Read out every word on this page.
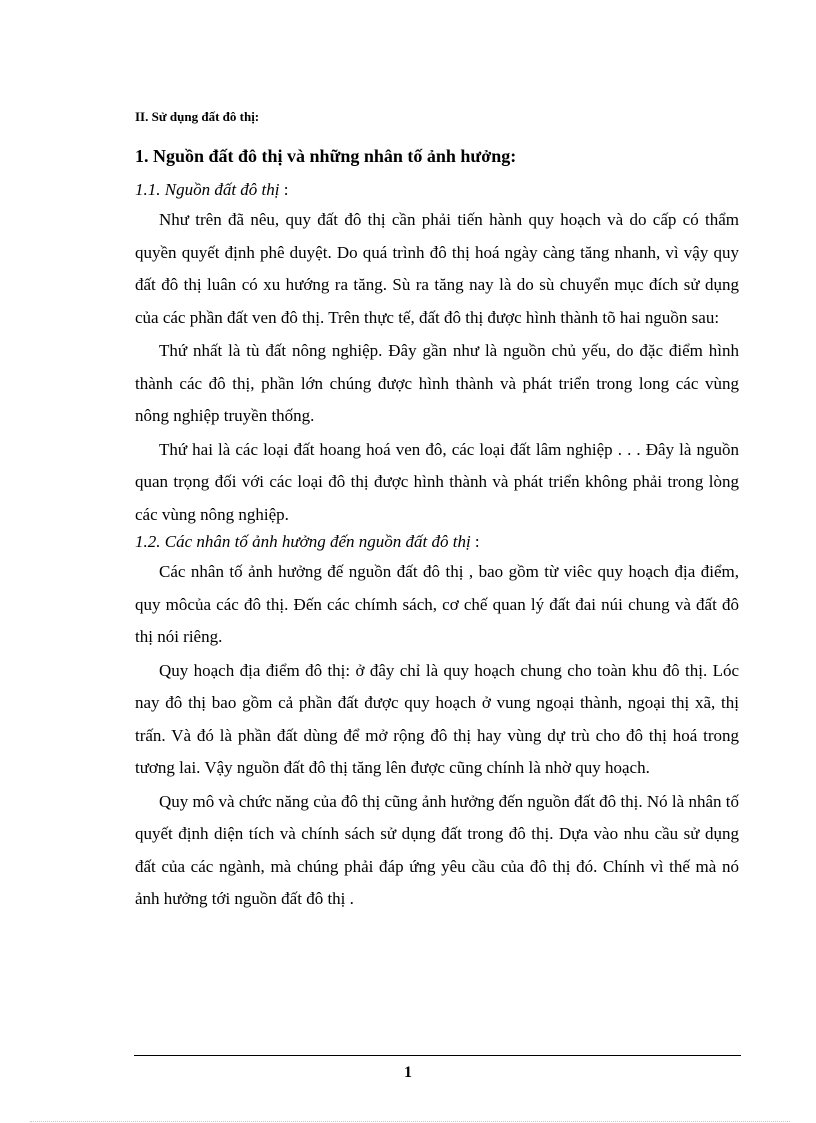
II. Sử dụng đất đô thị:
1. Nguồn đất đô thị và những nhân tố ảnh hưởng:
1.1. Nguồn đất đô thị :

Như trên đã nêu, quy đất đô thị cần phải tiến hành quy hoạch và do cấp có thẩm quyền quyết định phê duyệt. Do quá trình đô thị hoá ngày càng tăng nhanh, vì vậy quy đất đô thị luân có xu hướng ra tăng. Sù ra tăng nay là do sù chuyển mục đích sử dụng của các phần đất ven đô thị. Trên thực tế, đất đô thị được hình thành tõ hai nguồn sau:

Thứ nhất là tù đất nông nghiệp. Đây gần như là nguồn chủ yếu, do đặc điểm hình thành các đô thị, phần lớn chúng được hình thành và phát triển trong long các vùng nông nghiệp truyền thống.

Thứ hai là các loại đất hoang hoá ven đô, các loại đất lâm nghiệp . . . Đây là nguồn quan trọng đối với các loại đô thị được hình thành và phát triển không phải trong lòng các vùng nông nghiệp.

1.2. Các nhân tố ảnh hưởng đến nguồn đất đô thị :

Các nhân tố ảnh hưởng đế nguồn đất đô thị , bao gồm từ viêc quy hoạch địa điểm, quy môcủa các đô thị. Đến các chímh sách, cơ chế quan lý đất đai núi chung và đất đô thị nói riêng.

Quy hoạch địa điểm đô thị: ở đây chỉ là quy hoạch chung cho toàn khu đô thị. Lóc nay đô thị bao gồm cả phần đất được quy hoạch ở vung ngoại thành, ngoại thị xã, thị trấn. Và đó là phần đất dùng để mở rộng đô thị hay vùng dự trù cho đô thị hoá trong tương lai. Vậy nguồn đất đô thị tăng lên được cũng chính là nhờ quy hoạch.

Quy mô và chức năng của đô thị cũng ảnh hưởng đến nguồn đất đô thị. Nó là nhân tố quyết định diện tích và chính sách sử dụng đất trong đô thị. Dựa vào nhu cầu sử dụng đất của các ngành, mà chúng phải đáp ứng yêu cầu của đô thị đó. Chính vì thế mà nó ảnh hưởng tới nguồn đất đô thị .

1
